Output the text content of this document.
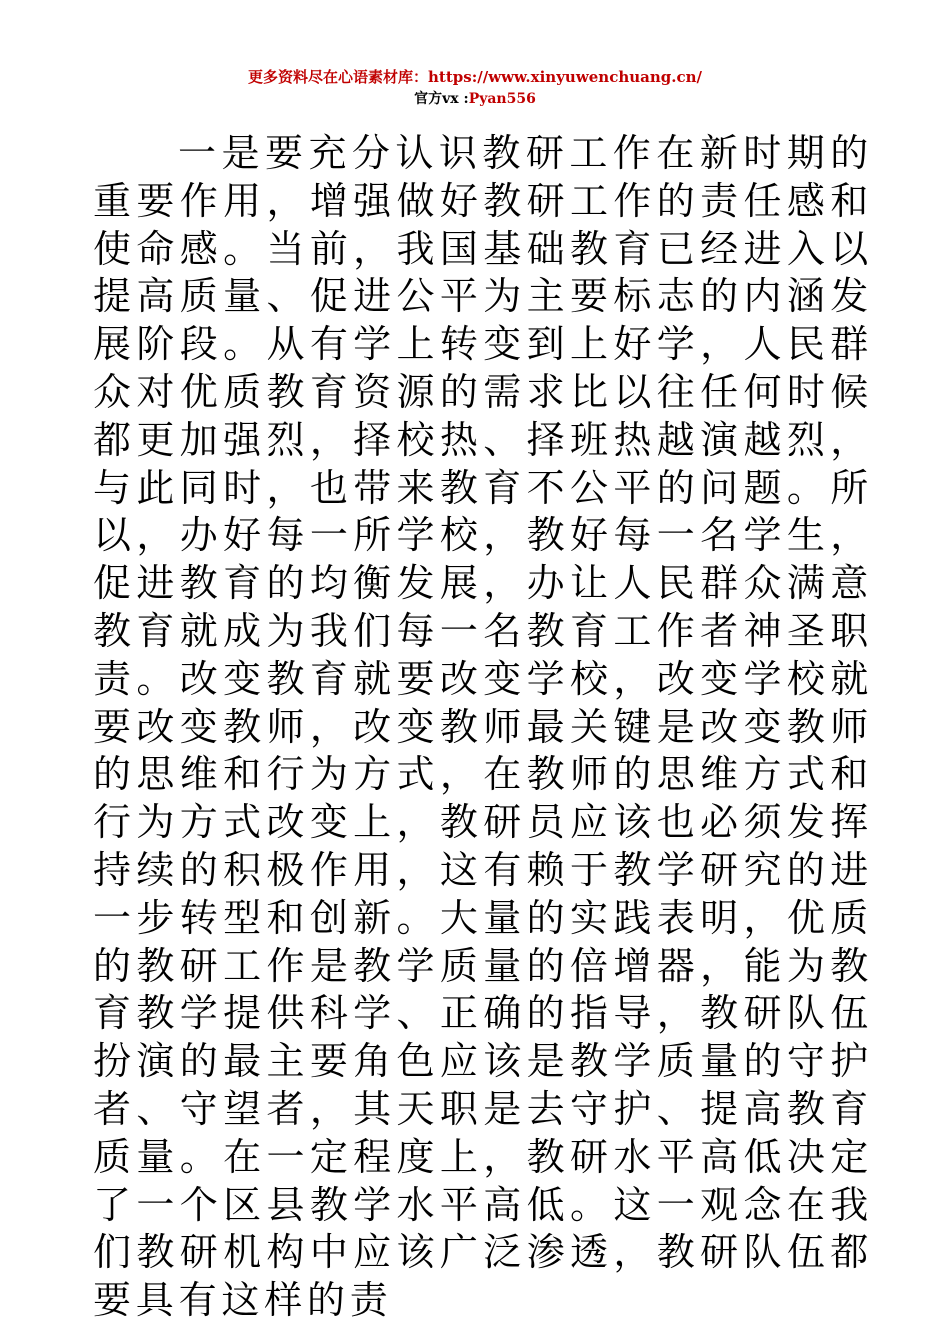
更多资料尽在心语素材库：https://www.xinyuwenchuang.cn/
官方vx :Pyan556

一是要充分认识教研工作在新时期的重要作用，增强做好教研工作的责任感和使命感。当前，我国基础教育已经进入以提高质量、促进公平为主要标志的内涵发展阶段。从有学上转变到上好学，人民群众对优质教育资源的需求比以往任何时候都更加强烈，择校热、择班热越演越烈，与此同时，也带来教育不公平的问题。所以，办好每一所学校，教好每一名学生，促进教育的均衡发展，办让人民群众满意教育就成为我们每一名教育工作者神圣职责。改变教育就要改变学校，改变学校就要改变教师，改变教师最关键是改变教师的思维和行为方式，在教师的思维方式和行为方式改变上，教研员应该也必须发挥持续的积极作用，这有赖于教学研究的进一步转型和创新。大量的实践表明，优质的教研工作是教学质量的倍增器，能为教育教学提供科学、正确的指导，教研队伍扮演的最主要角色应该是教学质量的守护者、守望者，其天职是去守护、提高教育质量。在一定程度上，教研水平高低决定了一个区县教学水平高低。这一观念在我们教研机构中应该广泛渗透，教研队伍都要具有这样的责
